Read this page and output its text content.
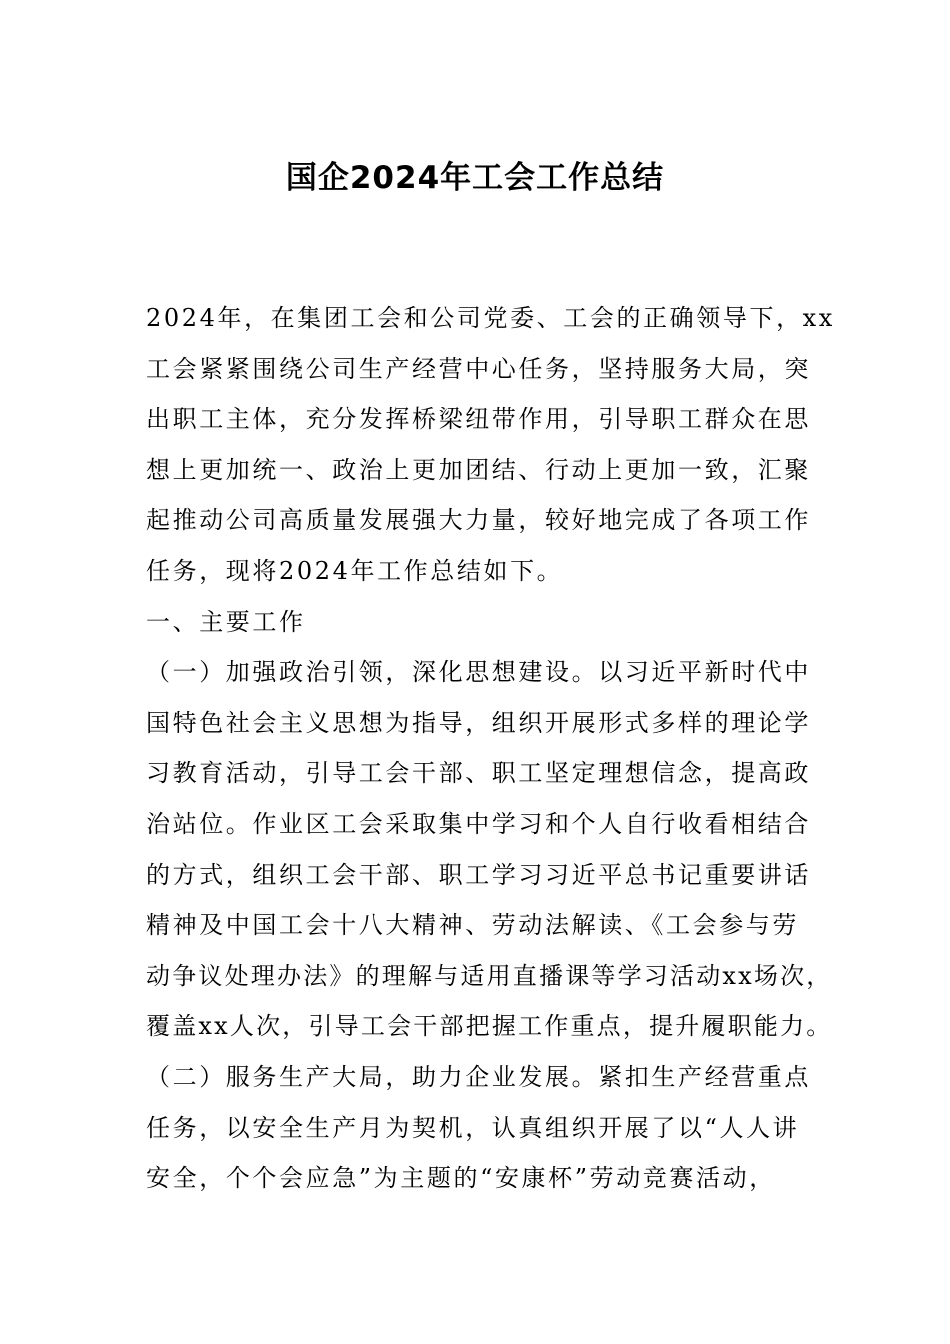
国企2024年工会工作总结
2024年，在集团工会和公司党委、工会的正确领导下，xx
工会紧紧围绕公司生产经营中心任务，坚持服务大局，突
出职工主体，充分发挥桥梁纽带作用，引导职工群众在思
想上更加统一、政治上更加团结、行动上更加一致，汇聚
起推动公司高质量发展强大力量，较好地完成了各项工作
任务，现将2024年工作总结如下。
一、主要工作
（一）加强政治引领，深化思想建设。以习近平新时代中
国特色社会主义思想为指导，组织开展形式多样的理论学
习教育活动，引导工会干部、职工坚定理想信念，提高政
治站位。作业区工会采取集中学习和个人自行收看相结合
的方式，组织工会干部、职工学习习近平总书记重要讲话
精神及中国工会十八大精神、劳动法解读、《工会参与劳
动争议处理办法》的理解与适用直播课等学习活动xx场次，
覆盖xx人次，引导工会干部把握工作重点，提升履职能力。
（二）服务生产大局，助力企业发展。紧扣生产经营重点
任务，以安全生产月为契机，认真组织开展了以“人人讲
安全，个个会应急”为主题的“安康杯”劳动竞赛活动，
